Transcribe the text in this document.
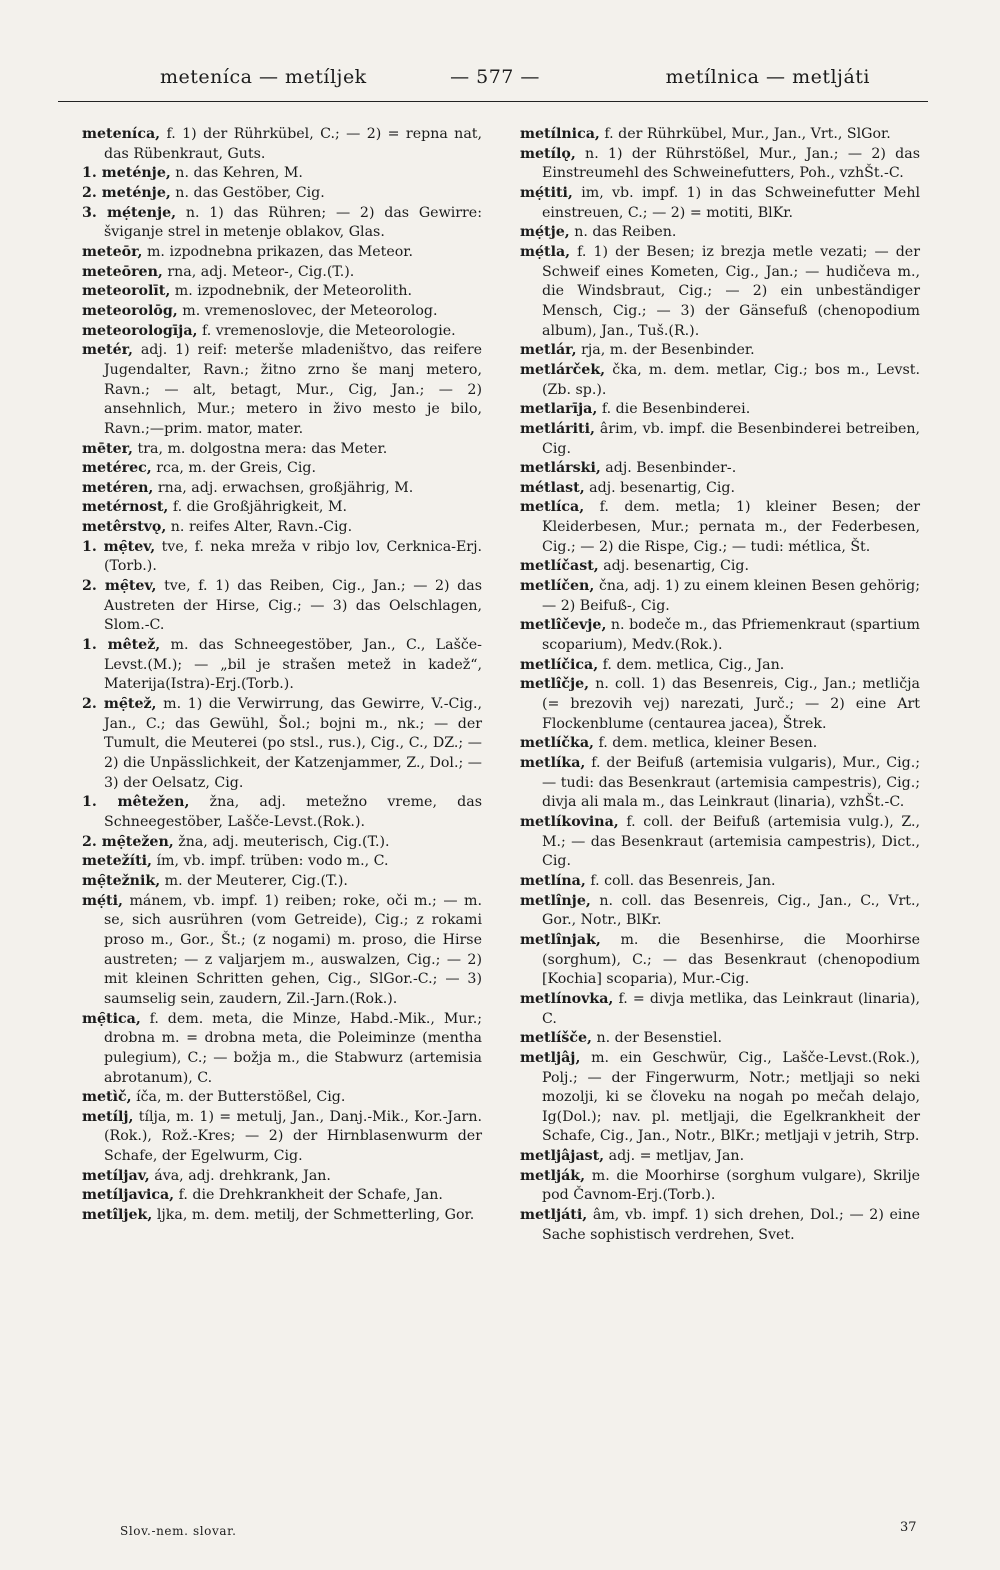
meteníca — metíljek	— 577 —	metílnica — metljáti

meteníca, f. 1) der Rührkübel, C.; — 2) = repna nat, das Rübenkraut, Guts.

1. meténje, n. das Kehren, M.

2. meténje, n. das Gestöber, Cig.

3. mẹ́tenje, n. 1) das Rühren; — 2) das Gewirre: šviganje strel in metenje oblakov, Glas.

meteōr, m. izpodnebna prikazen, das Meteor.

meteōren, rna, adj. Meteor-, Cig.(T.).

meteorolīt, m. izpodnebnik, der Meteorolith.

meteorolōg, m. vremenoslovec, der Meteorolog.

meteorologīja, f. vremenoslovje, die Meteorologie.

metér, adj. 1) reif: meterše mladeništvo, das reifere Jugendalter, Ravn.; žitno zrno še manj metero, Ravn.; — alt, betagt, Mur., Cig, Jan.; — 2) ansehnlich, Mur.; metero in živo mesto je bilo, Ravn.;—prim. mator, mater.

mēter, tra, m. dolgostna mera: das Meter.

metérec, rca, m. der Greis, Cig.

metéren, rna, adj. erwachsen, großjährig, M.

metérnost, f. die Großjährigkeit, M.

metêrstvǫ, n. reifes Alter, Ravn.-Cig.

1. mẹ̑tev, tve, f. neka mreža v ribjo lov, Cerknica-Erj.(Torb.).

2. mẹ̑tev, tve, f. 1) das Reiben, Cig., Jan.; — 2) das Austreten der Hirse, Cig.; — 3) das Oelschlagen, Slom.-C.

1. mêtež, m. das Schneegestöber, Jan., C., Lašče-Levst.(M.); — „bil je strašen metež in kadež“, Materija(Istra)-Erj.(Torb.).

2. mẹ̑tež, m. 1) die Verwirrung, das Gewirre, V.-Cig., Jan., C.; das Gewühl, Šol.; bojni m., nk.; — der Tumult, die Meuterei (po stsl., rus.), Cig., C., DZ.; — 2) die Unpässlichkeit, der Katzenjammer, Z., Dol.; — 3) der Oelsatz, Cig.

1. mêtežen, žna, adj. metežno vreme, das Schneegestöber, Lašče-Levst.(Rok.).

2. mẹ̑težen, žna, adj. meuterisch, Cig.(T.).

metežíti, ím, vb. impf. trüben: vodo m., C.

mẹ̑težnik, m. der Meuterer, Cig.(T.).

mẹ́ti, mánem, vb. impf. 1) reiben; roke, oči m.; — m. se, sich ausrühren (vom Getreide), Cig.; z rokami proso m., Gor., Št.; (z nogami) m. proso, die Hirse austreten; — z valjarjem m., auswalzen, Cig.; — 2) mit kleinen Schritten gehen, Cig., SlGor.-C.; — 3) saumselig sein, zaudern, Zil.-Jarn.(Rok.).

mẹ̑tica, f. dem. meta, die Minze, Habd.-Mik., Mur.; drobna m. = drobna meta, die Poleiminze (mentha pulegium), C.; — božja m., die Stabwurz (artemisia abrotanum), C.

metìč, íča, m. der Butterstößel, Cig.

metílj, tílja, m. 1) = metulj, Jan., Danj.-Mik., Kor.-Jarn.(Rok.), Rož.-Kres; — 2) der Hirnblasenwurm der Schafe, der Egelwurm, Cig.

metíljav, áva, adj. drehkrank, Jan.

metíljavica, f. die Drehkrankheit der Schafe, Jan.

metîljek, ljka, m. dem. metilj, der Schmetterling, Gor.

metílnica, f. der Rührkübel, Mur., Jan., Vrt., SlGor.

metílǫ, n. 1) der Rührstößel, Mur., Jan.; — 2) das Einstreumehl des Schweinefutters, Poh., vzhŠt.-C.

mẹ́titi, im, vb. impf. 1) in das Schweinefutter Mehl einstreuen, C.; — 2) = motiti, BlKr.

mẹ́tje, n. das Reiben.

mẹ́tla, f. 1) der Besen; iz brezja metle vezati; — der Schweif eines Kometen, Cig., Jan.; — hudičeva m., die Windsbraut, Cig.; — 2) ein unbeständiger Mensch, Cig.; — 3) der Gänsefuß (chenopodium album), Jan., Tuš.(R.).

metlár, rja, m. der Besenbinder.

metlárček, čka, m. dem. metlar, Cig.; bos m., Levst.(Zb. sp.).

metlarīja, f. die Besenbinderei.

metláriti, ârim, vb. impf. die Besenbinderei betreiben, Cig.

metlárski, adj. Besenbinder-.

métlast, adj. besenartig, Cig.

metlíca, f. dem. metla; 1) kleiner Besen; der Kleiderbesen, Mur.; pernata m., der Federbesen, Cig.; — 2) die Rispe, Cig.; — tudi: métlica, Št.

metlíčast, adj. besenartig, Cig.

metlíčen, čna, adj. 1) zu einem kleinen Besen gehörig; — 2) Beifuß-, Cig.

metlîčevje, n. bodeče m., das Pfriemenkraut (spartium scoparium), Medv.(Rok.).

metlíčica, f. dem. metlica, Cig., Jan.

metlîčje, n. coll. 1) das Besenreis, Cig., Jan.; metličja (= brezovih vej) narezati, Jurč.; — 2) eine Art Flockenblume (centaurea jacea), Štrek.

metlíčka, f. dem. metlica, kleiner Besen.

metlíka, f. der Beifuß (artemisia vulgaris), Mur., Cig.; — tudi: das Besenkraut (artemisia campestris), Cig.; divja ali mala m., das Leinkraut (linaria), vzhŠt.-C.

metlíkovina, f. coll. der Beifuß (artemisia vulg.), Z., M.; — das Besenkraut (artemisia campestris), Dict., Cig.

metlína, f. coll. das Besenreis, Jan.

metlînje, n. coll. das Besenreis, Cig., Jan., C., Vrt., Gor., Notr., BlKr.

metlînjak, m. die Besenhirse, die Moorhirse (sorghum), C.; — das Besenkraut (chenopodium [Kochia] scoparia), Mur.-Cig.

metlínovka, f. = divja metlika, das Leinkraut (linaria), C.

metlíšče, n. der Besenstiel.

metljâj, m. ein Geschwür, Cig., Lašče-Levst.(Rok.), Polj.; — der Fingerwurm, Notr.; metljaji so neki mozolji, ki se človeku na nogah po mečah delajo, Ig(Dol.); nav. pl. metljaji, die Egelkrankheit der Schafe, Cig., Jan., Notr., BlKr.; metljaji v jetrih, Strp.

metljâjast, adj. = metljav, Jan.

metlják, m. die Moorhirse (sorghum vulgare), Skrilje pod Čavnom-Erj.(Torb.).

metljáti, âm, vb. impf. 1) sich drehen, Dol.; — 2) eine Sache sophistisch verdrehen, Svet.

Slov.-nem. slovar.	37
